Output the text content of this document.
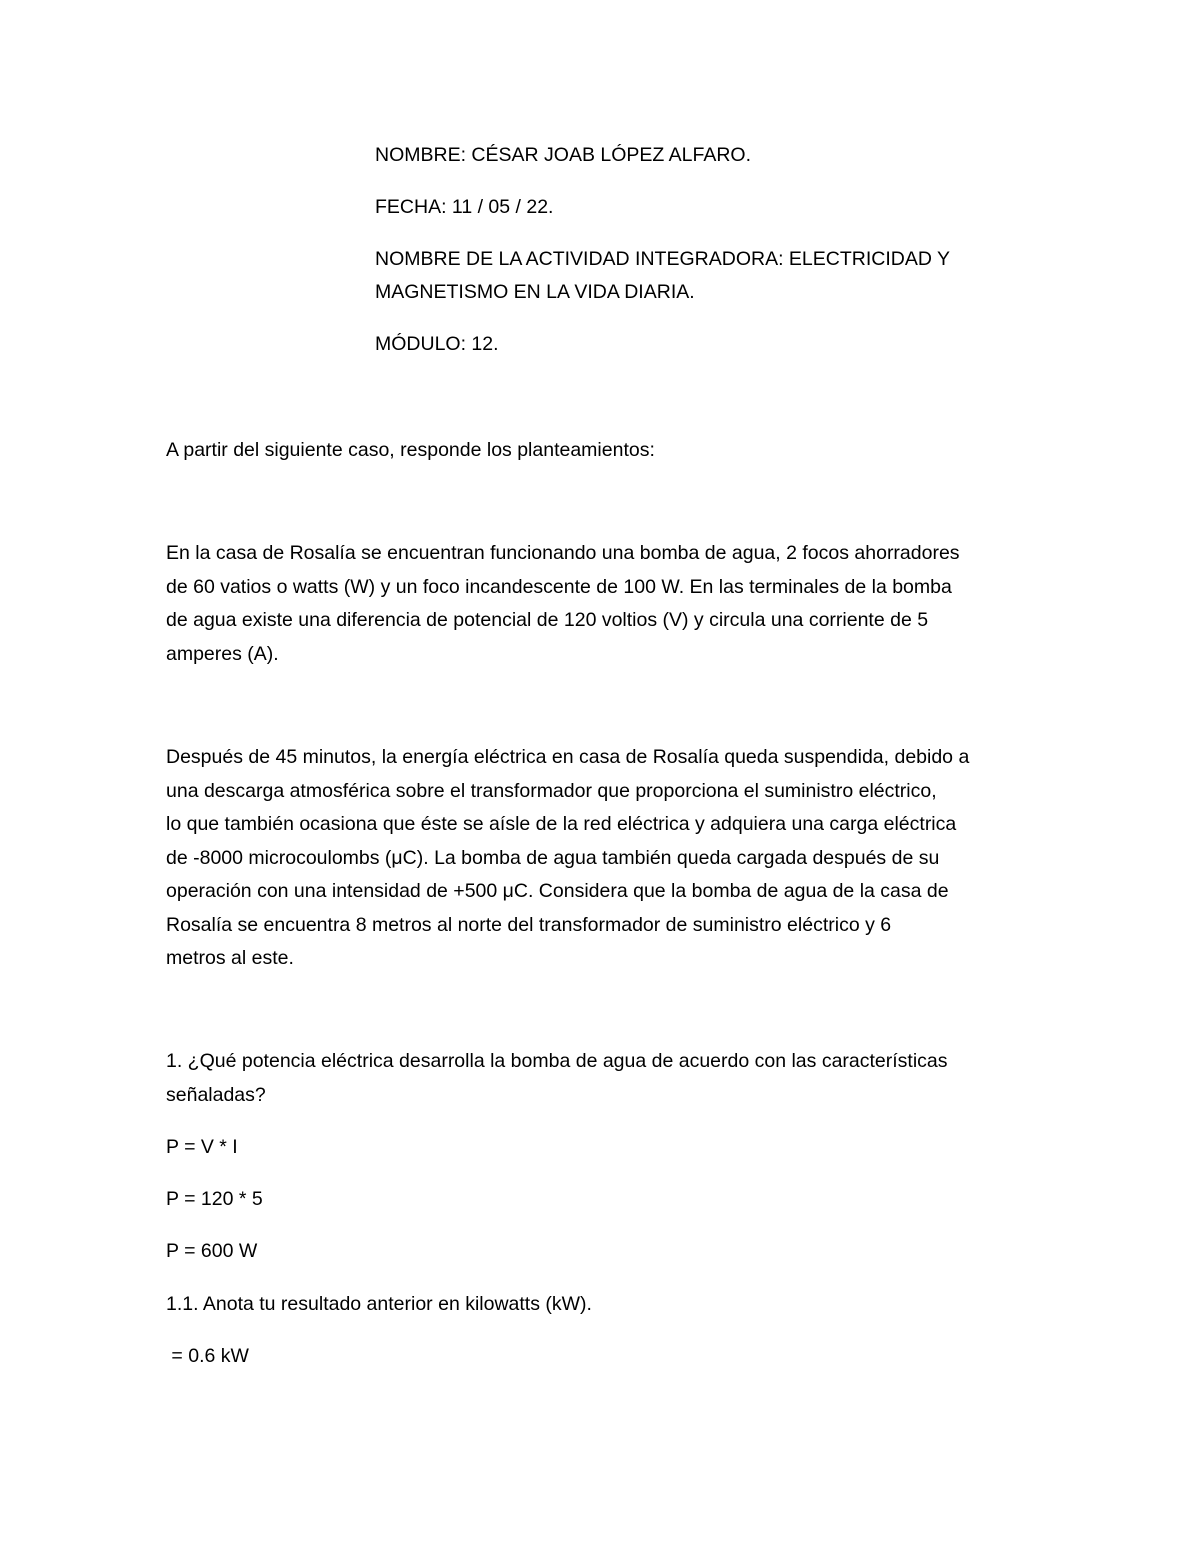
NOMBRE: CÉSAR JOAB LÓPEZ ALFARO.

FECHA: 11 / 05 / 22.

NOMBRE DE LA ACTIVIDAD INTEGRADORA: ELECTRICIDAD Y

MAGNETISMO EN LA VIDA DIARIA.

MÓDULO: 12.

A partir del siguiente caso, responde los planteamientos:

En la casa de Rosalía se encuentran funcionando una bomba de agua, 2 focos ahorradores

de 60 vatios o watts (W) y un foco incandescente de 100 W. En las terminales de la bomba

de agua existe una diferencia de potencial de 120 voltios (V) y circula una corriente de 5

amperes (A).

Después de 45 minutos, la energía eléctrica en casa de Rosalía queda suspendida, debido a

una descarga atmosférica sobre el transformador que proporciona el suministro eléctrico,

lo que también ocasiona que éste se aísle de la red eléctrica y adquiera una carga eléctrica

de -8000 microcoulombs (μC). La bomba de agua también queda cargada después de su

operación con una intensidad de +500 μC. Considera que la bomba de agua de la casa de

Rosalía se encuentra 8 metros al norte del transformador de suministro eléctrico y 6

metros al este.

1. ¿Qué potencia eléctrica desarrolla la bomba de agua de acuerdo con las características

señaladas?

P = V * I

P = 120 * 5

P = 600 W

1.1. Anota tu resultado anterior en kilowatts (kW).

= 0.6 kW
